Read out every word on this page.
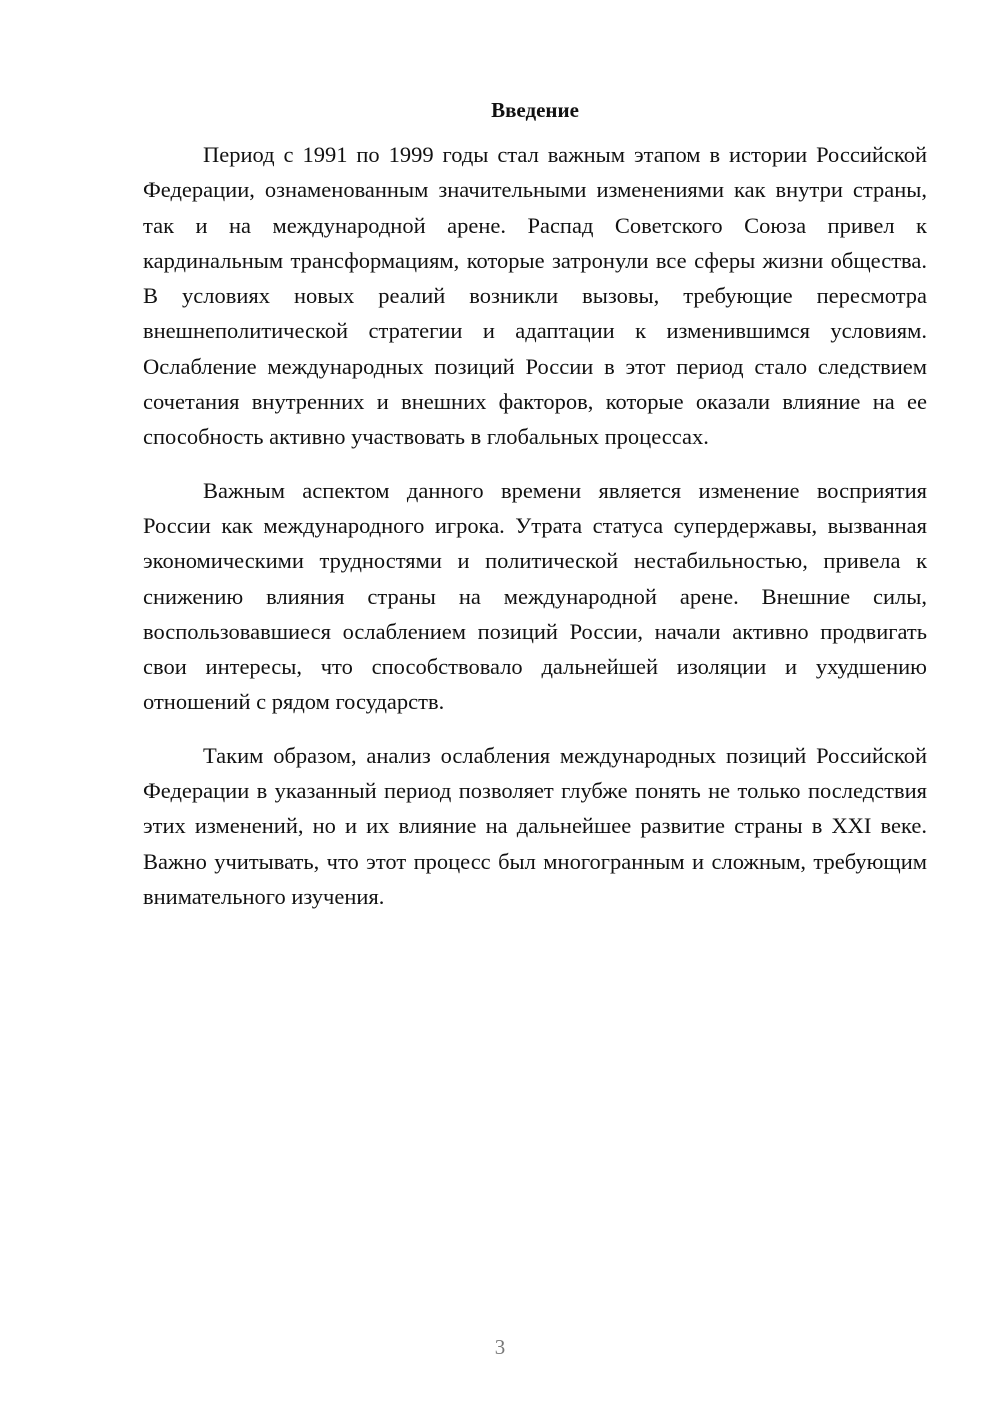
Введение

Период с 1991 по 1999 годы стал важным этапом в истории Российской Федерации, ознаменованным значительными изменениями как внутри страны, так и на международной арене. Распад Советского Союза привел к кардинальным трансформациям, которые затронули все сферы жизни общества. В условиях новых реалий возникли вызовы, требующие пересмотра внешнеполитической стратегии и адаптации к изменившимся условиям. Ослабление международных позиций России в этот период стало следствием сочетания внутренних и внешних факторов, которые оказали влияние на ее способность активно участвовать в глобальных процессах.

Важным аспектом данного времени является изменение восприятия России как международного игрока. Утрата статуса супердержавы, вызванная экономическими трудностями и политической нестабильностью, привела к снижению влияния страны на международной арене. Внешние силы, воспользовавшиеся ослаблением позиций России, начали активно продвигать свои интересы, что способствовало дальнейшей изоляции и ухудшению отношений с рядом государств.

Таким образом, анализ ослабления международных позиций Российской Федерации в указанный период позволяет глубже понять не только последствия этих изменений, но и их влияние на дальнейшее развитие страны в XXI веке. Важно учитывать, что этот процесс был многогранным и сложным, требующим внимательного изучения.

3
